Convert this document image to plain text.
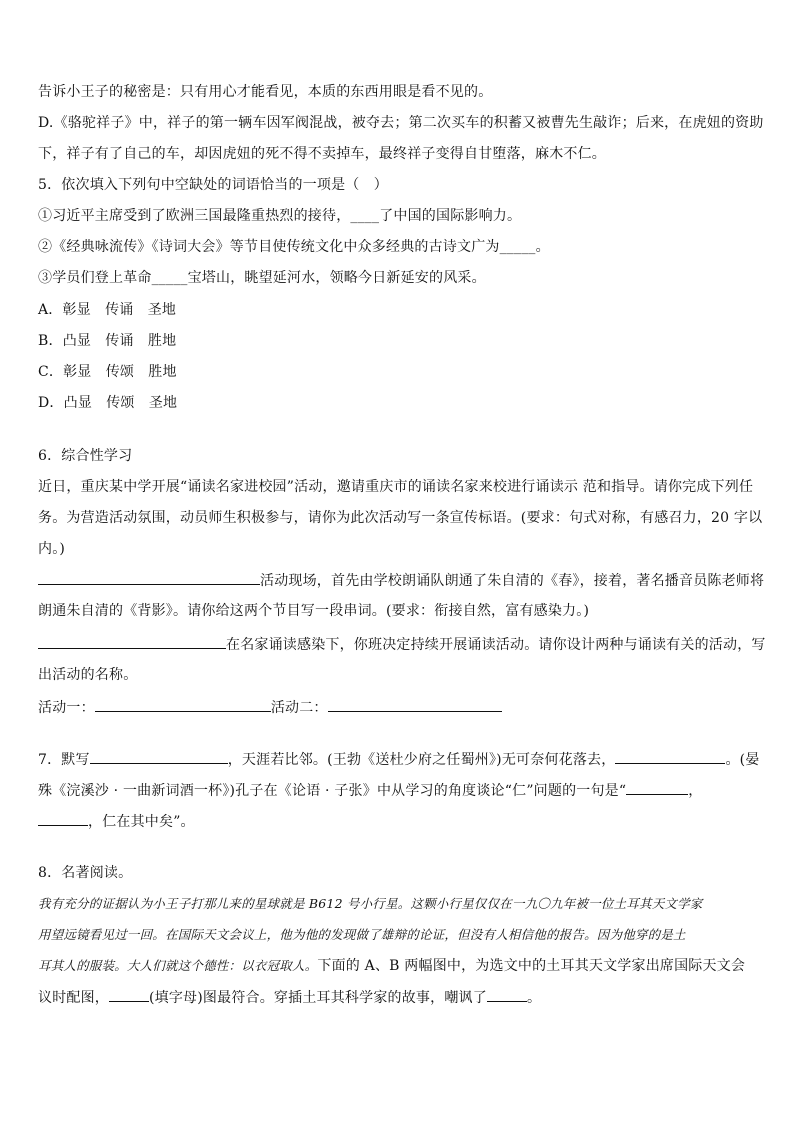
告诉小王子的秘密是：只有用心才能看见，本质的东西用眼是看不见的。
D.《骆驼祥子》中，祥子的第一辆车因军阀混战，被夺去；第二次买车的积蓄又被曹先生敲诈；后来，在虎妞的资助
下，祥子有了自己的车，却因虎妞的死不得不卖掉车，最终祥子变得自甘堕落，麻木不仁。
5．依次填入下列句中空缺处的词语恰当的一项是（　）
①习近平主席受到了欧洲三国最隆重热烈的接待，____了中国的国际影响力。
②《经典咏流传》《诗词大会》等节目使传统文化中众多经典的古诗文广为_____。
③学员们登上革命_____宝塔山，眺望延河水，领略今日新延安的风采。
A．彰显　传诵　圣地
B．凸显　传诵　胜地
C．彰显　传颂　胜地
D．凸显　传颂　圣地
6．综合性学习
近日，重庆某中学开展“诵读名家进校园”活动，邀请重庆市的诵读名家来校进行诵读示 范和指导。请你完成下列任
务。为营造活动氛围，动员师生积极参与，请你为此次活动写一条宣传标语。(要求：句式对称，有感召力，20 字以
内。)
活动现场，首先由学校朗诵队朗通了朱自清的《春》，接着，著名播音员陈老师将
朗通朱自清的《背影》。请你给这两个节目写一段串词。(要求：衔接自然，富有感染力。)
在名家诵读感染下，你班决定持续开展诵读活动。请你设计两种与诵读有关的活动，写
出活动的名称。
活动一：	活动二：
7．默写	，天涯若比邻。(王勃《送杜少府之任蜀州》)无可奈何花落去，	。(晏
殊《浣溪沙 · 一曲新词酒一杯》)孔子在《论语 · 子张》中从学习的角度谈论“仁”问题的一句是“	，
，仁在其中矣”。
8．名著阅读。
我有充分的证据认为小王子打那儿来的星球就是 B612 号小行星。这颗小行星仅仅在一九〇九年被一位土耳其天文学家
用望远镜看见过一回。在国际天文会议上，他为他的发现做了雄辩的论证，但没有人相信他的报告。因为他穿的是土
耳其人的服装。大人们就这个德性：以衣冠取人。下面的 A、B 两幅图中，为选文中的土耳其天文学家出席国际天文会
议时配图，	(填字母)图最符合。穿插土耳其科学家的故事，嘲讽了	。
